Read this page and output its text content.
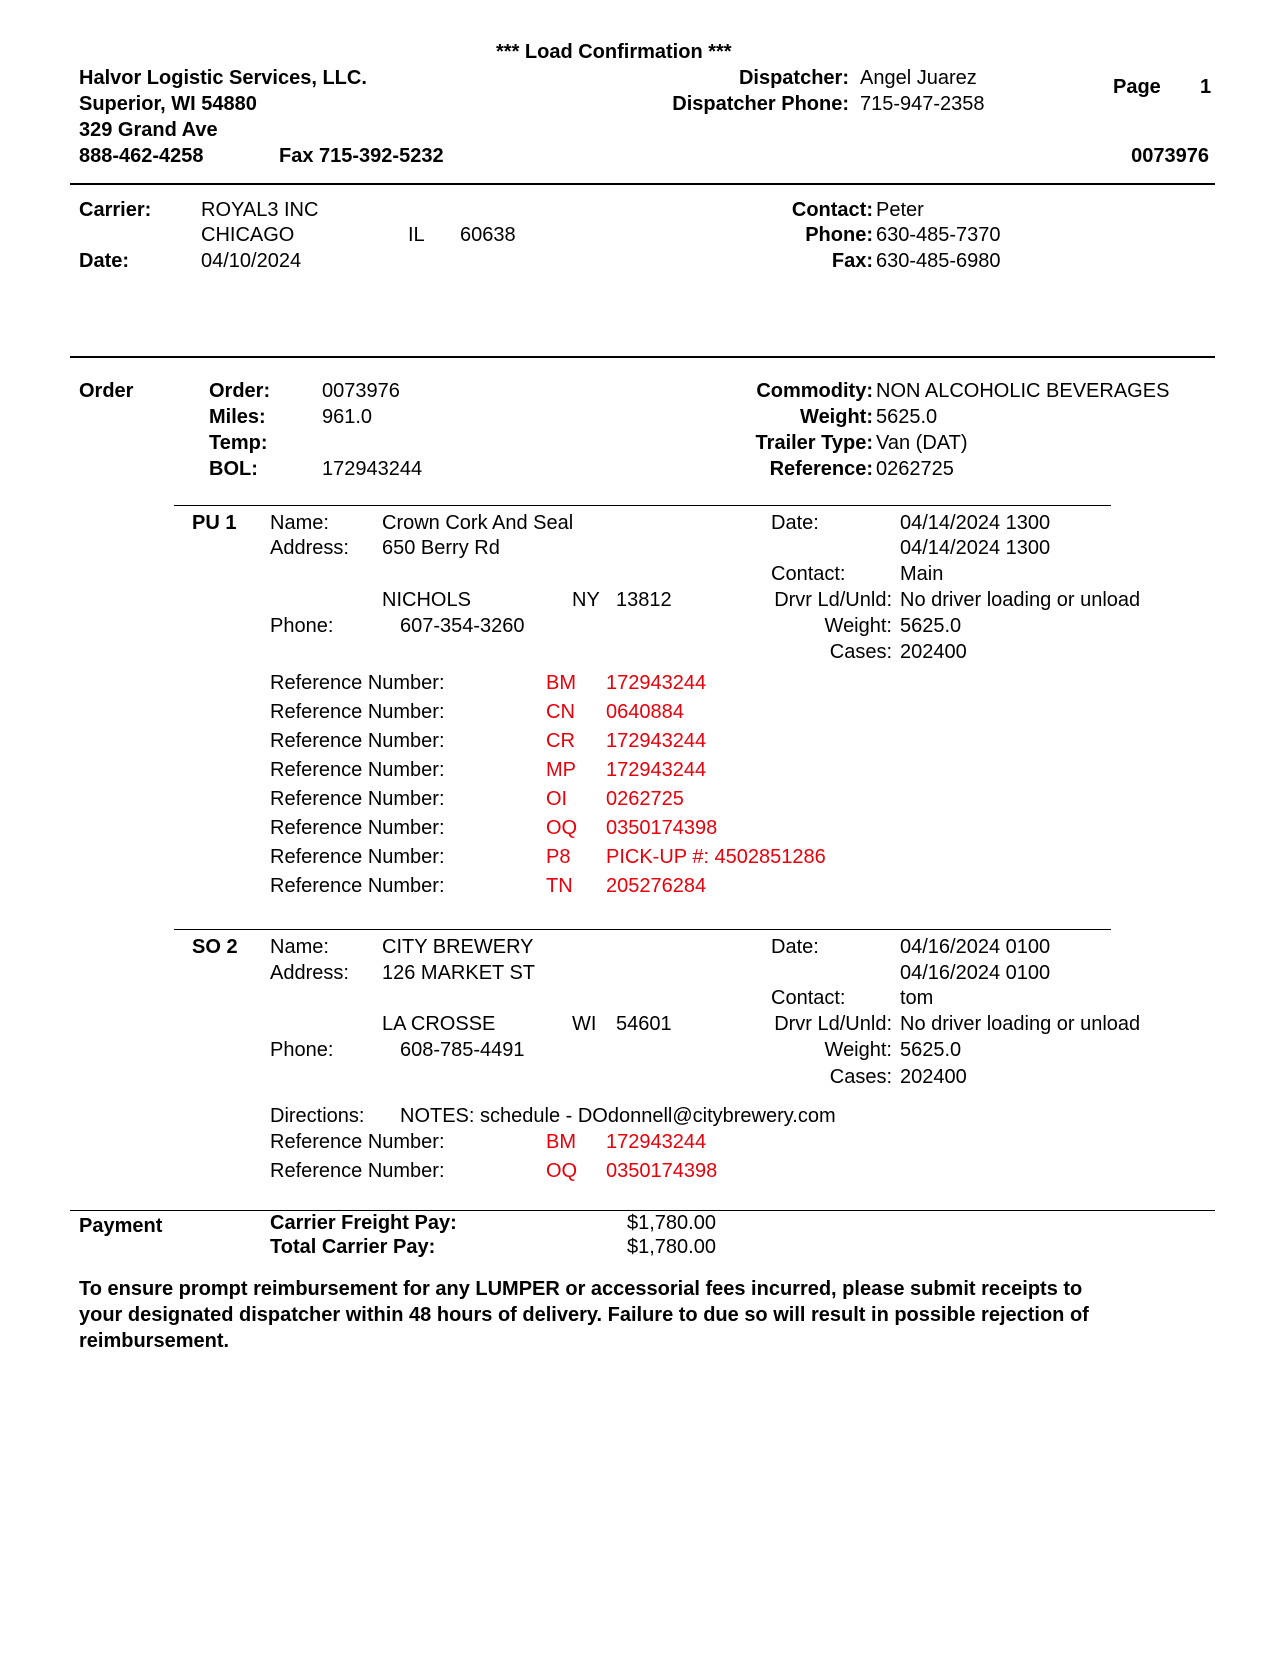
*** Load Confirmation ***
Halvor Logistic Services, LLC.
Superior, WI 54880
329 Grand Ave
888-462-4258	Fax 715-392-5232
Dispatcher: Angel Juarez
Dispatcher Phone: 715-947-2358
Page 1
0073976
Carrier: ROYAL3 INC
CHICAGO	IL 60638
Date:	04/10/2024
Contact: Peter
Phone: 630-485-7370
Fax: 630-485-6980
Order	Order:	0073976
Miles:	961.0
Temp:
BOL:	172943244
Commodity: NON ALCOHOLIC BEVERAGES
Weight: 5625.0
Trailer Type: Van (DAT)
Reference: 0262725
PU 1 Name:	Crown Cork And Seal
Address: 650 Berry Rd
NICHOLS	NY 13812
Phone:	607-354-3260
Date:	04/14/2024 1300
04/14/2024 1300
Contact:	Main
Drvr Ld/Unld: No driver loading or unload
Weight: 5625.0
Cases: 202400
Reference Number:	BM 172943244
Reference Number:	CN 0640884
Reference Number:	CR 172943244
Reference Number:	MP 172943244
Reference Number:	OI 0262725
Reference Number:	OQ 0350174398
Reference Number:	P8 PICK-UP #: 4502851286
Reference Number:	TN 205276284
SO 2 Name:	CITY BREWERY
Address: 126 MARKET ST
LA CROSSE	WI 54601
Phone:	608-785-4491
Date:	04/16/2024 0100
04/16/2024 0100
Contact:	tom
Drvr Ld/Unld: No driver loading or unload
Weight: 5625.0
Cases: 202400
Directions: NOTES: schedule - DOdonnell@citybrewery.com
Reference Number:	BM 172943244
Reference Number:	OQ 0350174398
Payment	Carrier Freight Pay:	$1,780.00
Total Carrier Pay:	$1,780.00
To ensure prompt reimbursement for any LUMPER or accessorial fees incurred, please submit receipts to
your designated dispatcher within 48 hours of delivery. Failure to due so will result in possible rejection of
reimbursement.
